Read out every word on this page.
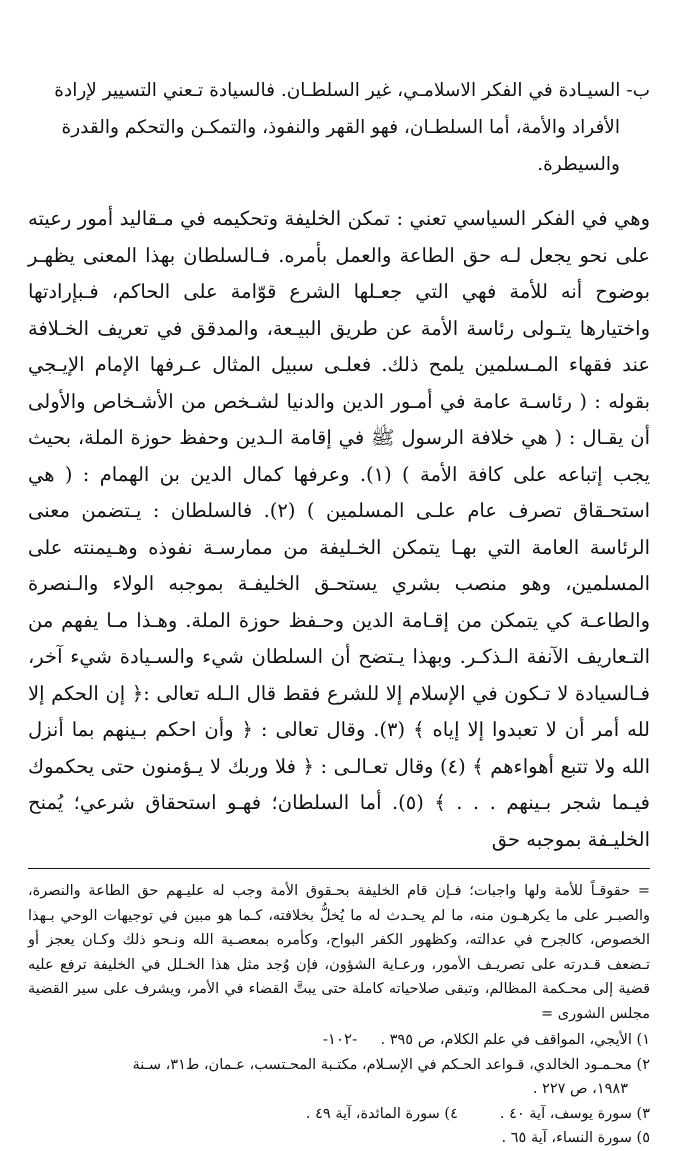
ب- السيـادة في الفكر الاسلامـي، غير السلطـان. فالسيادة تـعني التسيير لإرادة
الأفراد والأمة، أما السلطـان، فهو القهر والنفوذ، والتمكـن والتحكم والقدرة
والسيطرة.

وهي في الفكر السياسي تعني : تمكن الخليفة وتحكيمه في مـقاليد أمور رعيته على نحو يجعل لـه حق الطاعة والعمل بأمره. فـالسلطان بهذا المعنى يظهـر بوضوح أنه للأمة فهي التي جعـلها الشرع قوّامة على الحاكم، فـبإرادتها واختيارها يتـولى رئاسة الأمة عن طريق البيـعة، والمدقق في تعريف الخـلافة عند فقهاء المـسلمين يلمح ذلك. فعلـى سبيل المثال عـرفها الإمام الإيـجي بقوله : ( رئاسـة عامة في أمـور الدين والدنيا لشـخص من الأشـخاص والأولى أن يقـال : ( هي خلافة الرسول ﷺ في إقامة الـدين وحفظ حوزة الملة، بحيث يجب إتباعه على كافة الأمة ) (١). وعرفها كمال الدين بن الهمام : ( هي استحـقاق تصرف عام علـى المسلمين ) (٢). فالسلطان : يـتضمن معنى الرئاسة العامة التي بهـا يتمكن الخـليفة من ممارسـة نفوذه وهـيمنته على المسلمين، وهو منصب بشري يستحـق الخليفـة بموجبه الولاء والـنصرة والطاعـة كي يتمكن من إقـامة الدين وحـفظ حوزة الملة. وهـذا مـا يفهم من التـعاريف الآنفة الـذكـر. وبهذا يـتضح أن السلطان شيء والسـيادة شيء آخر، فـالسيادة لا تـكون في الإسلام إلا للشرع فقط قال الـله تعالى :﴿ إن الحكم إلا لله أمر أن لا تعبدوا إلا إياه ﴾ (٣). وقال تعالى : ﴿ وأن احكم بـينهم بما أنزل الله ولا تتبع أهواءهم ﴾ (٤) وقال تعـالـى : ﴿ فلا وربك لا يـؤمنون حتى يحكموك فيـما شجر بـينهم . . . ﴾ (٥). أما السلطان؛ فهـو استحقاق شرعي؛ يُمنح الخليـفة بموجبه حق

= حقوقـاً للأمة ولها واجبات؛ فـإن قام الخليفة بحـقوق الأمة وجب له عليـهم حق الطاعة والنصرة، والصبـر على ما يكرهـون منه، ما لم يحـدث له ما يُخلُّ بخلافته، كـما هو مبين في توجيهات الوحي بـهذا الخصوص، كالجرح في عدالته، وكظهور الكفر البواح، وكأمره بمعصـية الله ونـحو ذلك وكـان يعجز أو تـضعف قـدرته على تصريـف الأمور، ورعـاية الشؤون، فإن وُجد مثل هذا الخـلل في الخليفة ترفع عليه قضية إلى محـكمة المظالم، وتبقى صلاحياته كاملة حتى يبتَّ القضاء في الأمر، ويشرف على سير القضية مجلس الشورى =

١) الأيجي، المواقف في علم الكلام، ص ٣٩٥ .

٢) محـمـود الخالدي، قـواعد الحـكم في الإسـلام، مكتـبة المحـتسب، عـمان، ط٣١، سـنة
١٩٨٣، ص ٢٢٧ .

٣) سورة يوسف، آية ٤٠ .
٤) سورة المائدة، آية ٤٩ .

٥) سورة النساء، آية ٦٥ .

-١٠٢-
